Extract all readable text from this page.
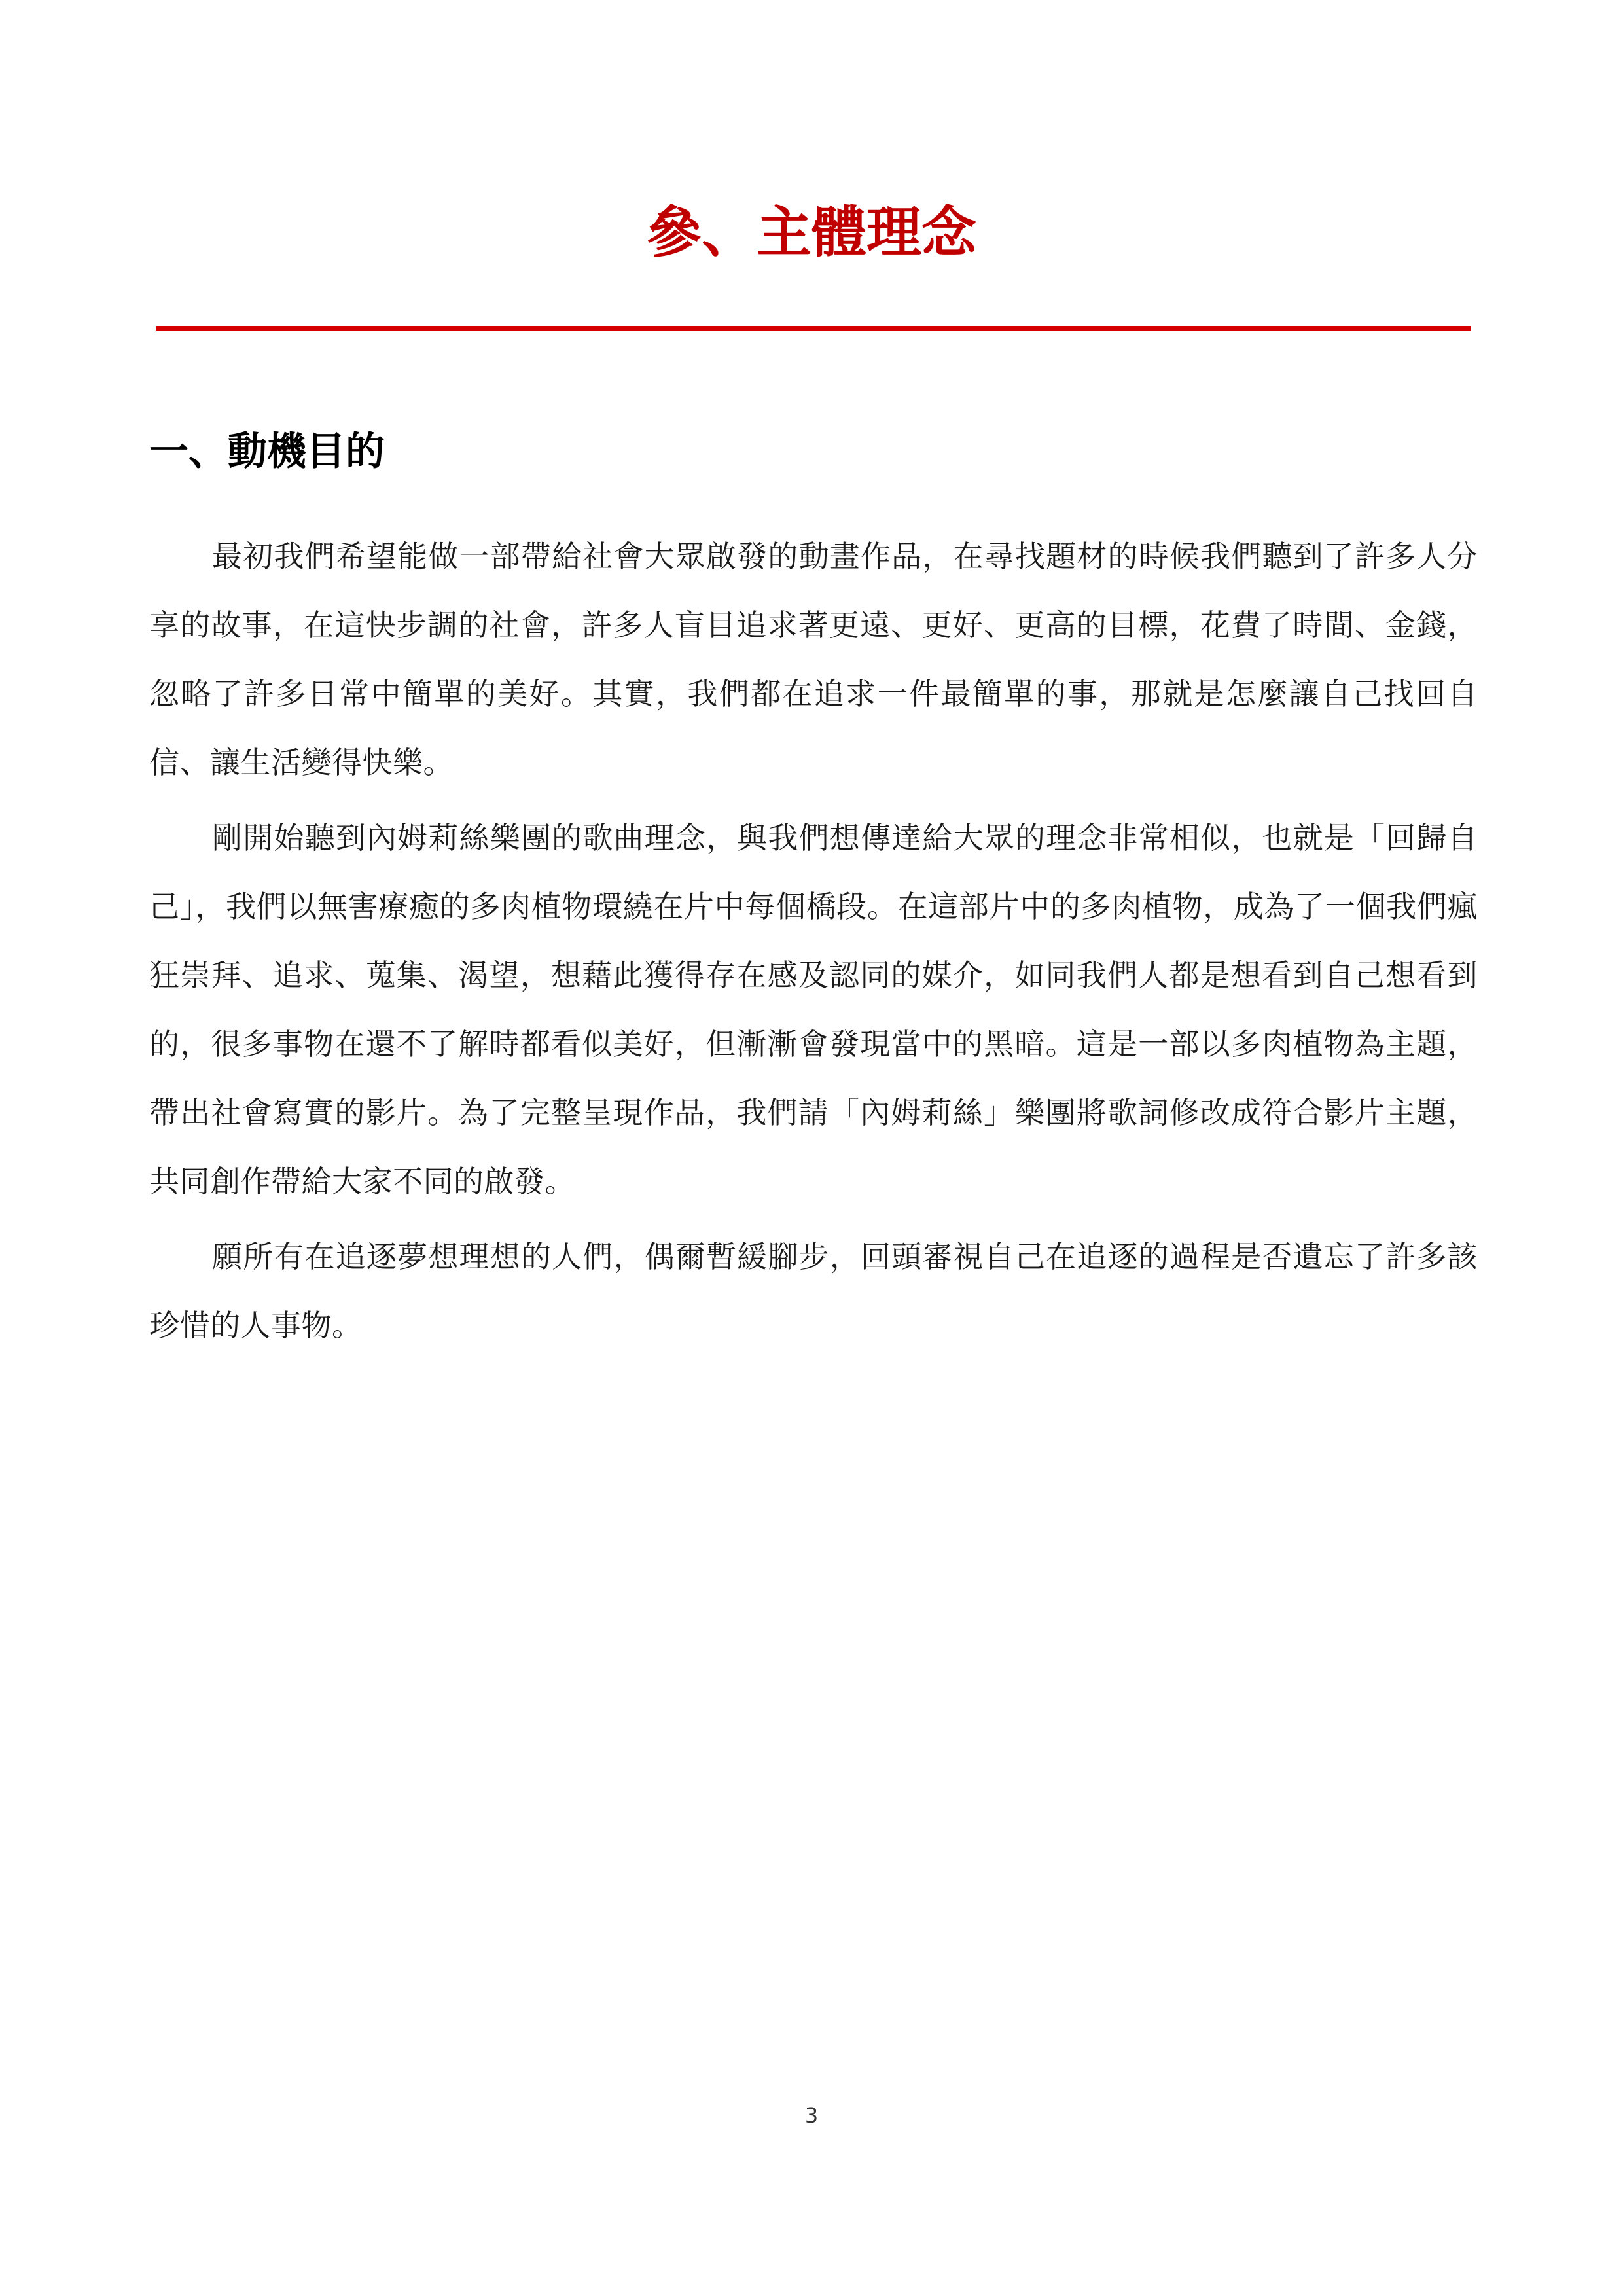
參、主體理念
一、動機目的

最初我們希望能做一部帶給社會大眾啟發的動畫作品，在尋找題材的時候我們聽到了許多人分享的故事，在這快步調的社會，許多人盲目追求著更遠、更好、更高的目標，花費了時間、金錢，忽略了許多日常中簡單的美好。其實，我們都在追求一件最簡單的事，那就是怎麼讓自己找回自信、讓生活變得快樂。

剛開始聽到內姆莉絲樂團的歌曲理念，與我們想傳達給大眾的理念非常相似，也就是「回歸自己」，我們以無害療癒的多肉植物環繞在片中每個橋段。在這部片中的多肉植物，成為了一個我們瘋狂崇拜、追求、蒐集、渴望，想藉此獲得存在感及認同的媒介，如同我們人都是想看到自己想看到的，很多事物在還不了解時都看似美好，但漸漸會發現當中的黑暗。這是一部以多肉植物為主題，帶出社會寫實的影片。為了完整呈現作品，我們請「內姆莉絲」樂團將歌詞修改成符合影片主題，共同創作帶給大家不同的啟發。

願所有在追逐夢想理想的人們，偶爾暫緩腳步，回頭審視自己在追逐的過程是否遺忘了許多該珍惜的人事物。

3
